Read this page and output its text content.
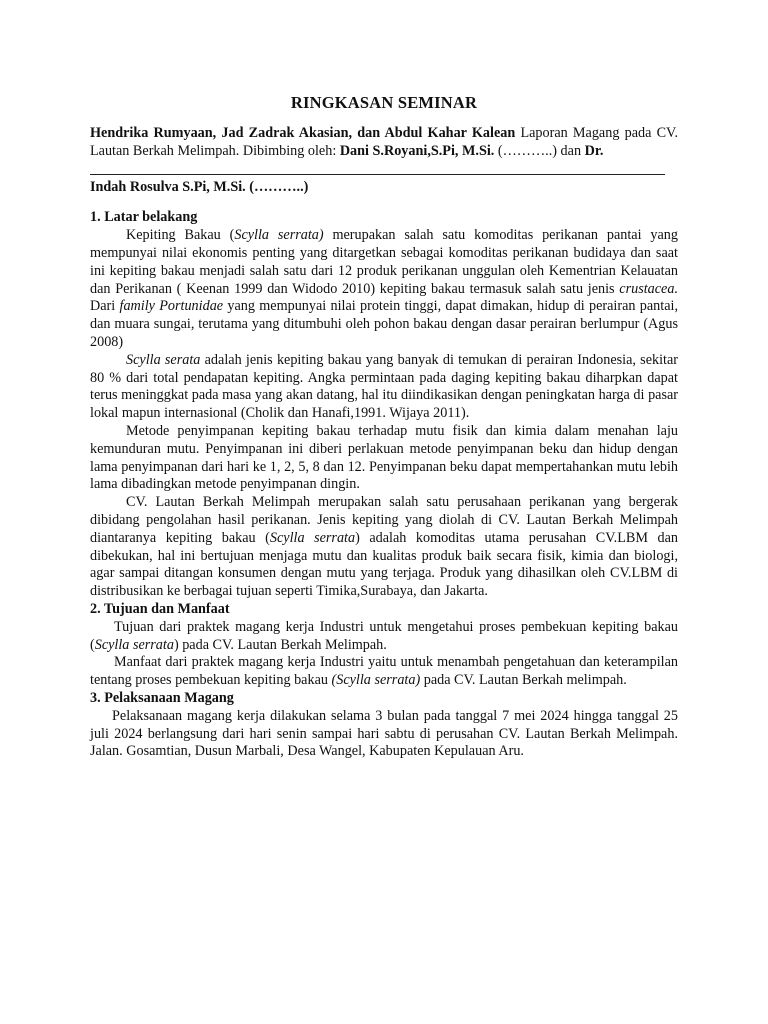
RINGKASAN SEMINAR

Hendrika Rumyaan, Jad Zadrak Akasian, dan Abdul Kahar Kalean Laporan Magang pada CV. Lautan Berkah Melimpah. Dibimbing oleh: Dani S.Royani,S.Pi, M.Si. (………..) dan Dr.

Indah Rosulva S.Pi, M.Si. (………..)

1. Latar belakang

Kepiting Bakau (Scylla serrata) merupakan salah satu komoditas perikanan pantai yang mempunyai nilai ekonomis penting yang ditargetkan sebagai komoditas perikanan budidaya dan saat ini kepiting bakau menjadi salah satu dari 12 produk perikanan unggulan oleh Kementrian Kelauatan dan Perikanan ( Keenan 1999 dan Widodo 2010) kepiting bakau termasuk salah satu jenis crustacea. Dari family Portunidae yang mempunyai nilai protein tinggi, dapat dimakan, hidup di perairan pantai, dan muara sungai, terutama yang ditumbuhi oleh pohon bakau dengan dasar perairan berlumpur (Agus 2008)

Scylla serata adalah jenis kepiting bakau yang banyak di temukan di perairan Indonesia, sekitar 80 % dari total pendapatan kepiting. Angka permintaan pada daging kepiting bakau diharpkan dapat terus meninggkat pada masa yang akan datang, hal itu diindikasikan dengan peningkatan harga di pasar lokal mapun internasional (Cholik dan Hanafi,1991. Wijaya 2011).

Metode penyimpanan kepiting bakau terhadap mutu fisik dan kimia dalam menahan laju kemunduran mutu. Penyimpanan ini diberi perlakuan metode penyimpanan beku dan hidup dengan lama penyimpanan dari hari ke 1, 2, 5, 8 dan 12. Penyimpanan beku dapat mempertahankan mutu lebih lama dibadingkan metode penyimpanan dingin.

CV. Lautan Berkah Melimpah merupakan salah satu perusahaan perikanan yang bergerak dibidang pengolahan hasil perikanan. Jenis kepiting yang diolah di CV. Lautan Berkah Melimpah diantaranya kepiting bakau (Scylla serrata) adalah komoditas utama perusahan CV.LBM dan dibekukan, hal ini bertujuan menjaga mutu dan kualitas produk baik secara fisik, kimia dan biologi, agar sampai ditangan konsumen dengan mutu yang terjaga. Produk yang dihasilkan oleh CV.LBM di distribusikan ke berbagai tujuan seperti Timika,Surabaya, dan Jakarta.

2. Tujuan dan Manfaat

Tujuan dari praktek magang kerja Industri untuk mengetahui proses pembekuan kepiting bakau (Scylla serrata) pada CV. Lautan Berkah Melimpah.

Manfaat dari praktek magang kerja Industri yaitu untuk menambah pengetahuan dan keterampilan tentang proses pembekuan kepiting bakau (Scylla serrata) pada CV. Lautan Berkah melimpah.

3. Pelaksanaan Magang

Pelaksanaan magang kerja dilakukan selama 3 bulan pada tanggal 7 mei 2024 hingga tanggal 25 juli 2024 berlangsung dari hari senin sampai hari sabtu di perusahan CV. Lautan Berkah Melimpah. Jalan. Gosamtian, Dusun Marbali, Desa Wangel, Kabupaten Kepulauan Aru.
